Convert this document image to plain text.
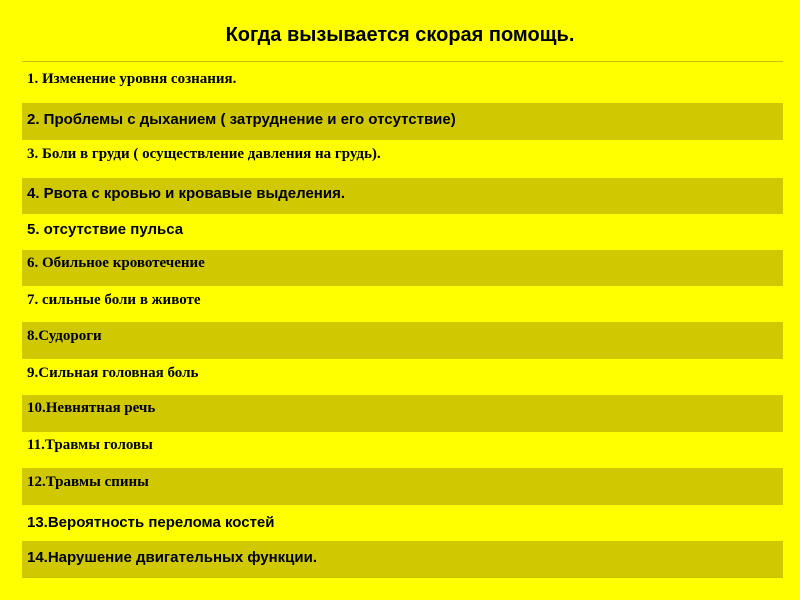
Когда вызывается скорая помощь.
1. Изменение уровня сознания.
2. Проблемы с дыханием ( затруднение и его отсутствие)
3. Боли в груди ( осуществление давления на грудь).
4. Рвота с кровью и кровавые выделения.
5. отсутствие пульса
6. Обильное кровотечение
7. сильные боли в животе
8.Судороги
9.Сильная головная боль
10.Невнятная речь
11.Травмы головы
12.Травмы спины
13.Вероятность перелома костей
14.Нарушение двигательных функции.
